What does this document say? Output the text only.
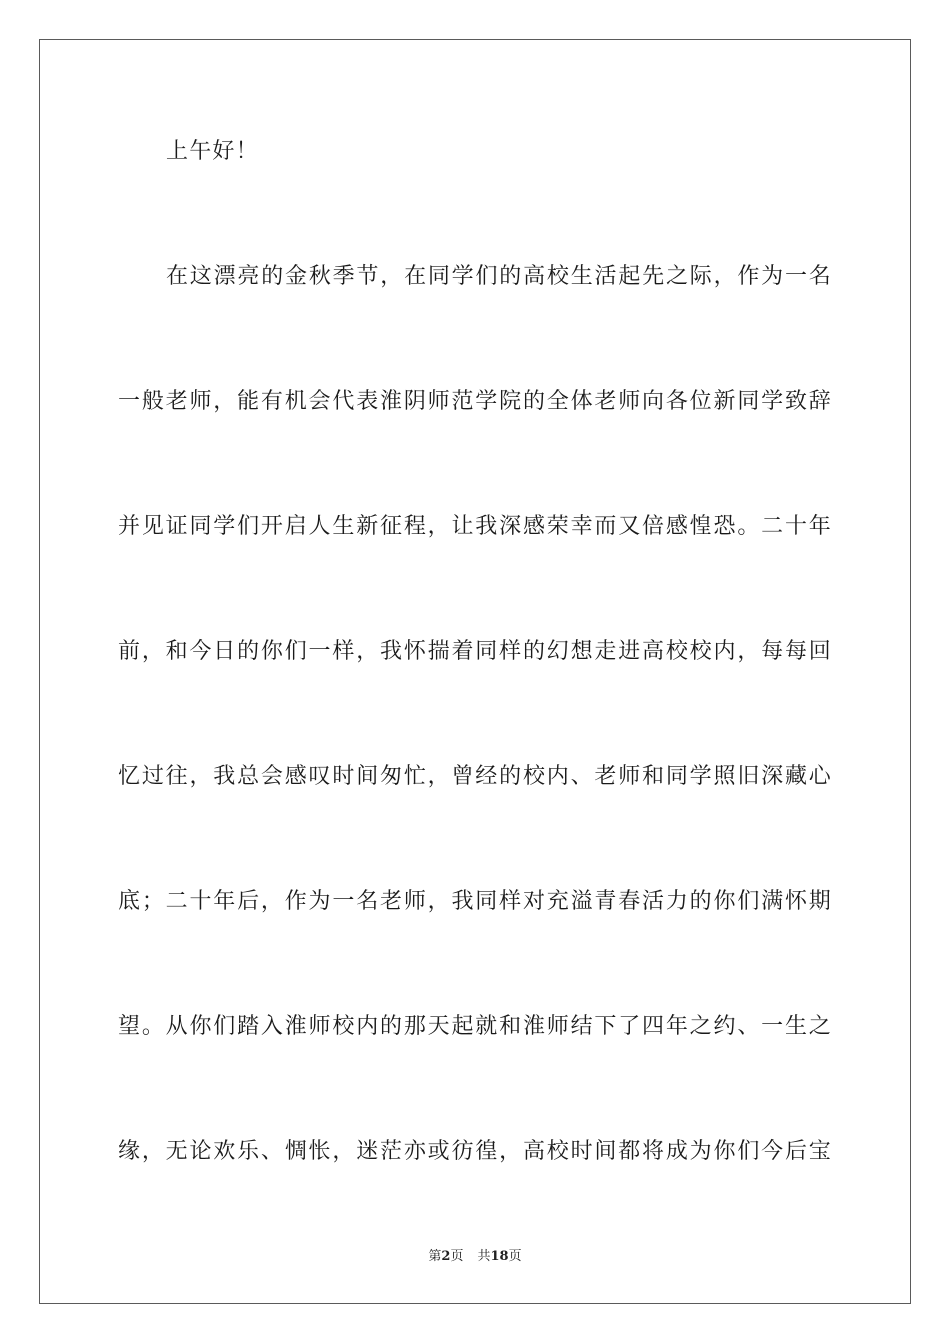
上午好！
在这漂亮的金秋季节，在同学们的高校生活起先之际，作为一名
一般老师，能有机会代表淮阴师范学院的全体老师向各位新同学致辞
并见证同学们开启人生新征程，让我深感荣幸而又倍感惶恐。二十年
前，和今日的你们一样，我怀揣着同样的幻想走进高校校内，每每回
忆过往，我总会感叹时间匆忙，曾经的校内、老师和同学照旧深藏心
底；二十年后，作为一名老师，我同样对充溢青春活力的你们满怀期
望。从你们踏入淮师校内的那天起就和淮师结下了四年之约、一生之
缘，无论欢乐、惆怅，迷茫亦或彷徨，高校时间都将成为你们今后宝
第2页 共18页
